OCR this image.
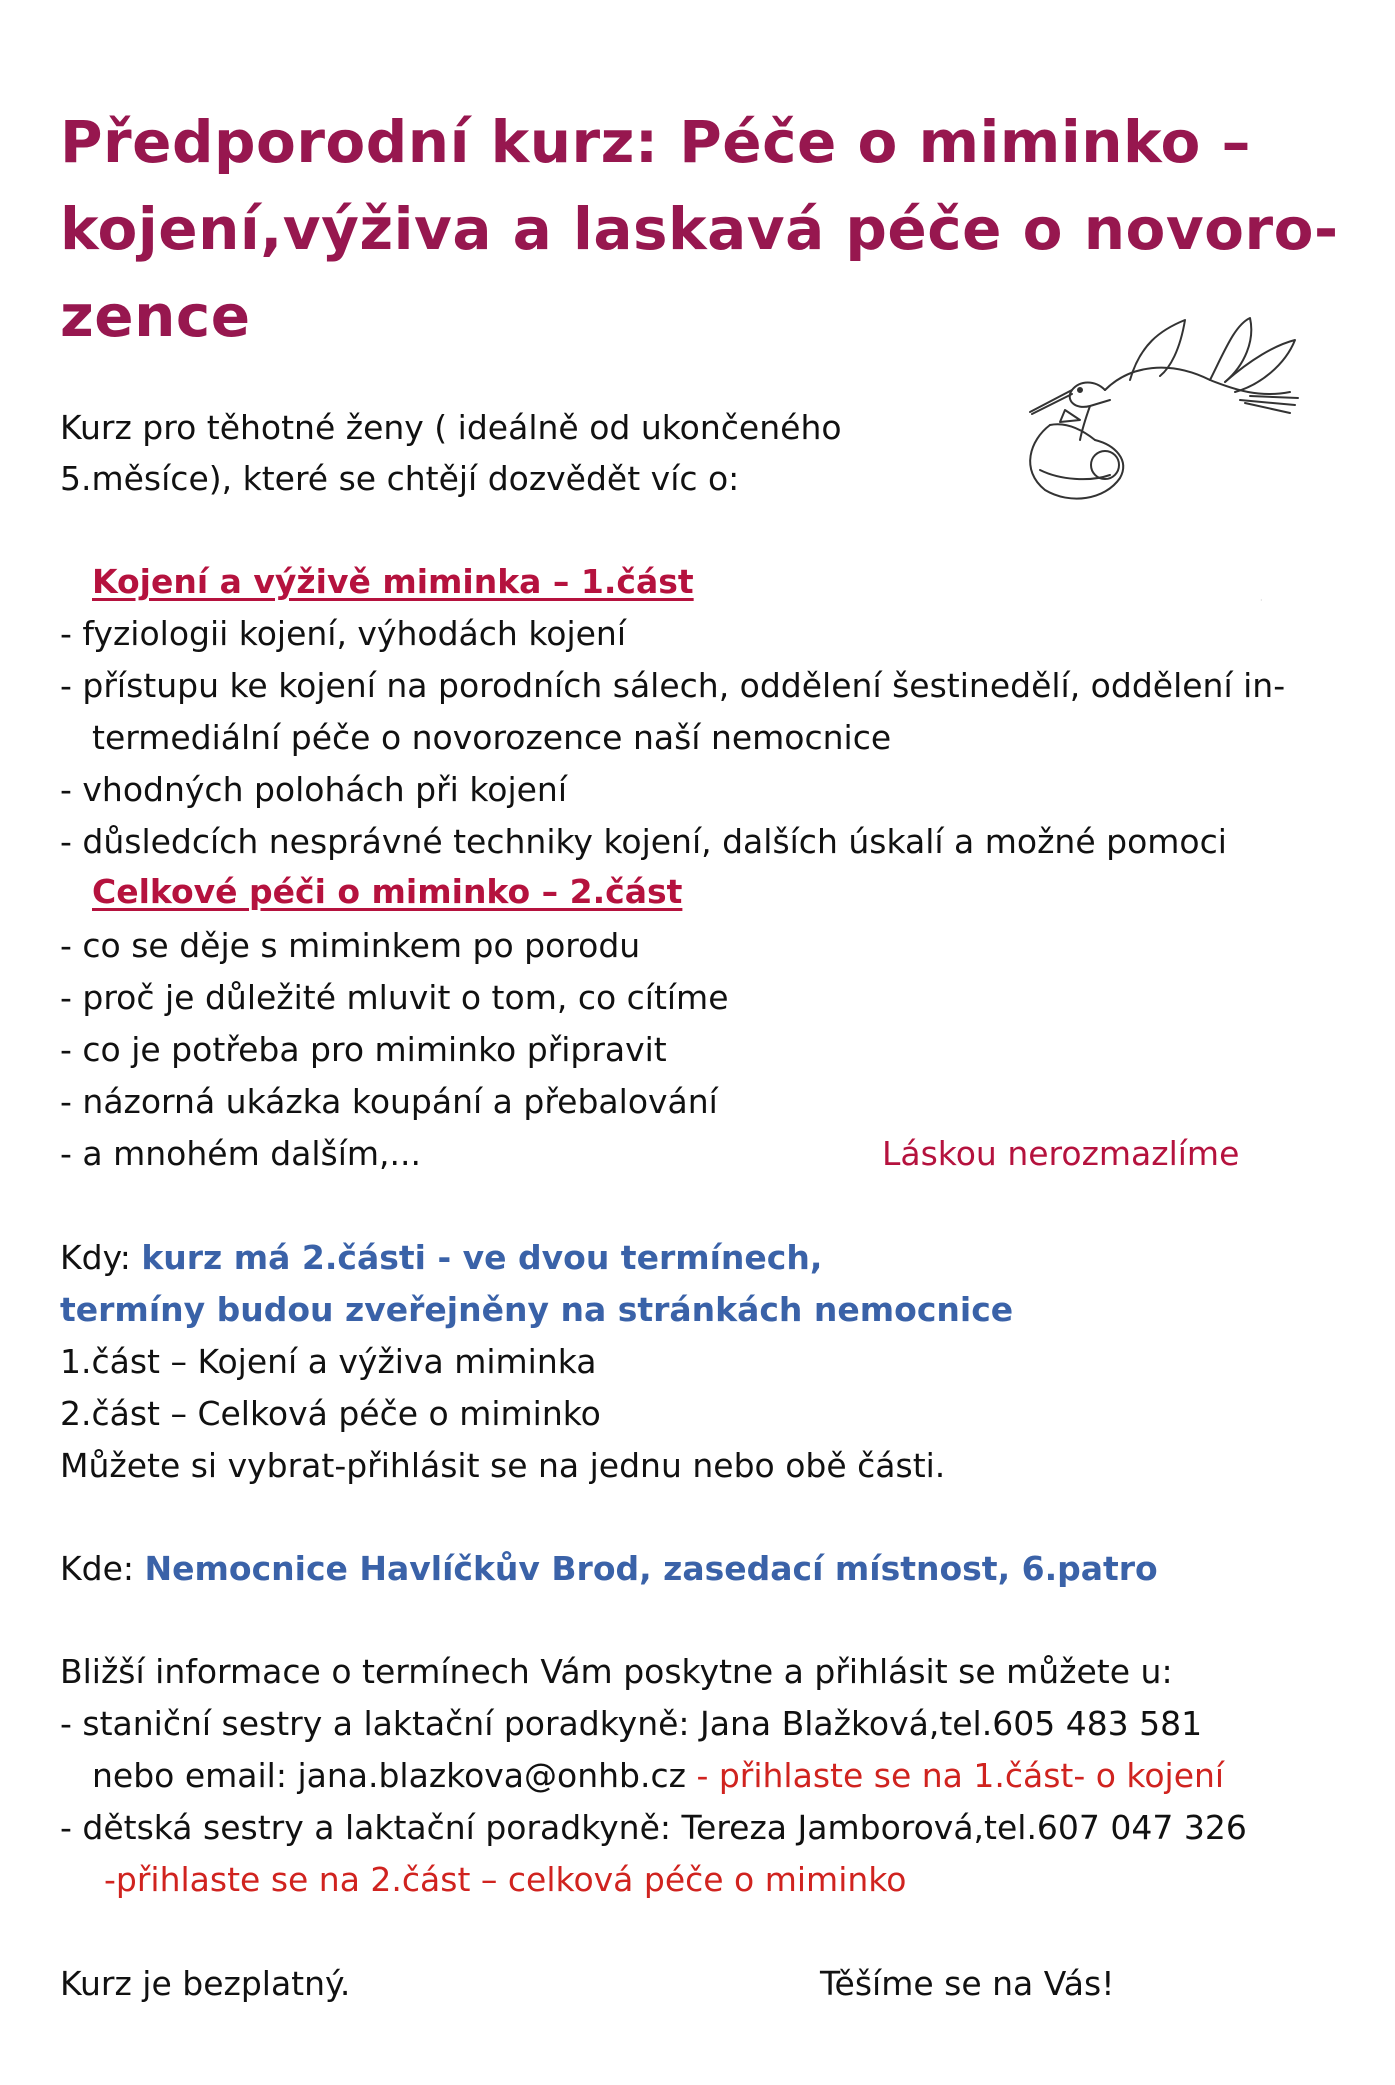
Předporodní kurz: Péče o miminko –
kojení,výživa a laskavá péče o novoro-
zence
·
Kurz pro těhotné ženy ( ideálně od ukončeného
5.měsíce), které se chtějí dozvědět víc o:
Kojení a výživě miminka – 1.část
- fyziologii kojení, výhodách kojení
- přístupu ke kojení na porodních sálech, oddělení šestinedělí, oddělení in-
termediální péče o novorozence naší nemocnice
- vhodných polohách při kojení
- důsledcích nesprávné techniky kojení, dalších úskalí a možné pomoci
Celkové péči o miminko – 2.část
- co se děje s miminkem po porodu
- proč je důležité mluvit o tom, co cítíme
- co je potřeba pro miminko připravit
- názorná ukázka koupání a přebalování
- a mnohém dalším,...	Láskou nerozmazlíme
Kdy: kurz má 2.části - ve dvou termínech,
termíny budou zveřejněny na stránkách nemocnice
1.část – Kojení a výživa miminka
2.část – Celková péče o miminko
Můžete si vybrat-přihlásit se na jednu nebo obě části.
Kde: Nemocnice Havlíčkův Brod, zasedací místnost, 6.patro
Bližší informace o termínech Vám poskytne a přihlásit se můžete u:
- staniční sestry a laktační poradkyně: Jana Blažková,tel.605 483 581
nebo email: jana.blazkova@onhb.cz - přihlaste se na 1.část- o kojení
- dětská sestry a laktační poradkyně: Tereza Jamborová,tel.607 047 326
-přihlaste se na 2.část – celková péče o miminko
Kurz je bezplatný.	Těšíme se na Vás!
